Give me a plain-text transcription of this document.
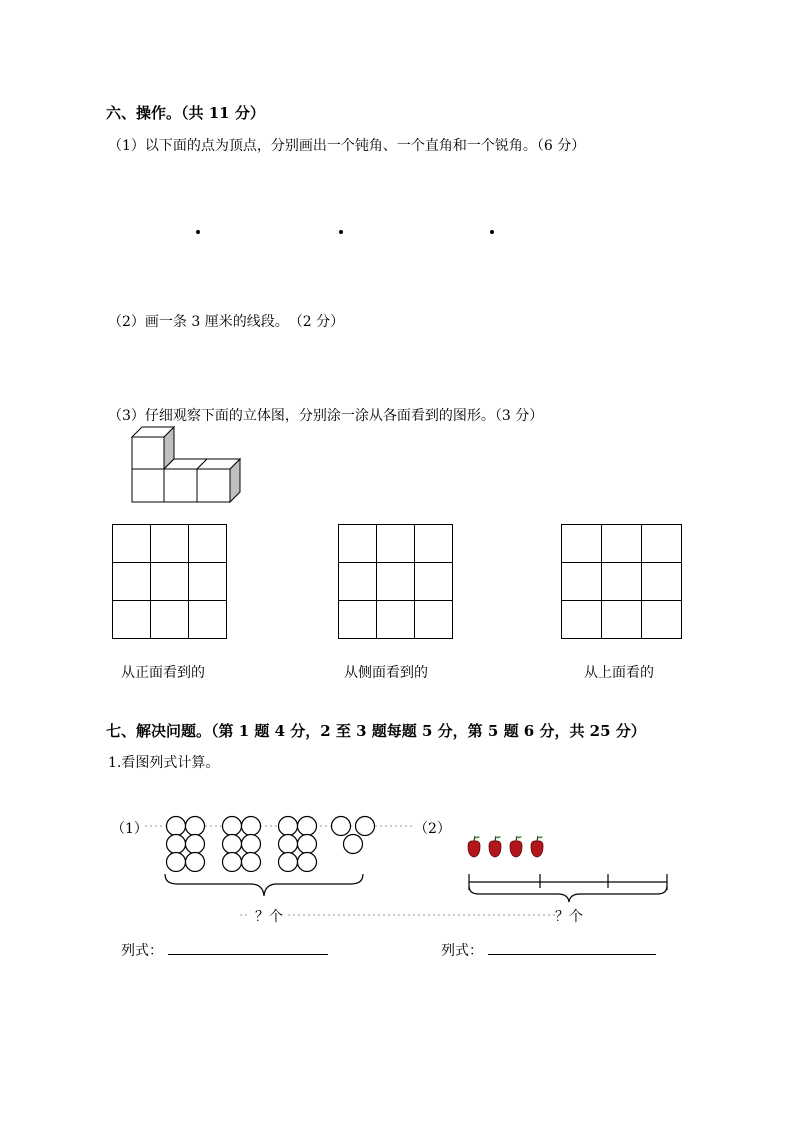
六、操作。（共 11 分）
（1）以下面的点为顶点，分别画出一个钝角、一个直角和一个锐角。（6 分）
（2）画一条 3 厘米的线段。　（2 分）
（3）仔细观察下面的立体图，分别涂一涂从各面看到的图形。（3 分）

从正面看到的	从侧面看到的	从上面看的
七、解决问题。（第 1 题 4 分，2 至 3 题每题 5 分，第 5 题 6 分，共 25 分）
1.看图列式计算。
（1）	（2）
？个	？个
列式：	列式：
